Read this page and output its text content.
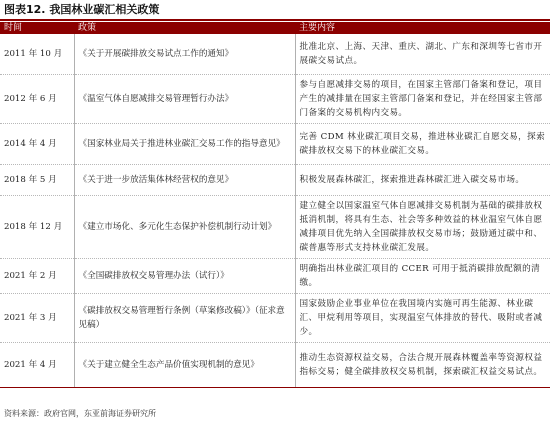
图表12. 我国林业碳汇相关政策
时间	政策	主要内容
2011 年 10 月	《关于开展碳排放交易试点工作的通知》	批准北京、上海、天津、重庆、湖北、广东和深圳等七省市开展碳交易试点。
2012 年 6 月	《温室气体自愿减排交易管理暂行办法》	参与自愿减排交易的项目，在国家主管部门备案和登记，项目产生的减排量在国家主管部门备案和登记，并在经国家主管部门备案的交易机构内交易。
2014 年 4 月	《国家林业局关于推进林业碳汇交易工作的指导意见》	完善 CDM 林业碳汇项目交易，推进林业碳汇自愿交易，探索碳排放权交易下的林业碳汇交易。
2018 年 5 月	《关于进一步放活集体林经营权的意见》	积极发展森林碳汇，探索推进森林碳汇进入碳交易市场。
2018 年 12 月	《建立市场化、多元化生态保护补偿机制行动计划》	建立健全以国家温室气体自愿减排交易机制为基础的碳排放权抵消机制，将具有生态、社会等多种效益的林业温室气体自愿减排项目优先纳入全国碳排放权交易市场；鼓励通过碳中和、碳普惠等形式支持林业碳汇发展。
2021 年 2 月	《全国碳排放权交易管理办法（试行）》	明确指出林业碳汇项目的 CCER 可用于抵消碳排放配额的清缴。
2021 年 3 月	《碳排放权交易管理暂行条例（草案修改稿）》（征求意见稿）	国家鼓励企业事业单位在我国境内实施可再生能源、林业碳汇、甲烷利用等项目，实现温室气体排放的替代、吸附或者减少。
2021 年 4 月	《关于建立健全生态产品价值实现机制的意见》	推动生态资源权益交易，合法合规开展森林覆盖率等资源权益指标交易；健全碳排放权交易机制，探索碳汇权益交易试点。
资料来源：政府官网，东亚前海证券研究所
